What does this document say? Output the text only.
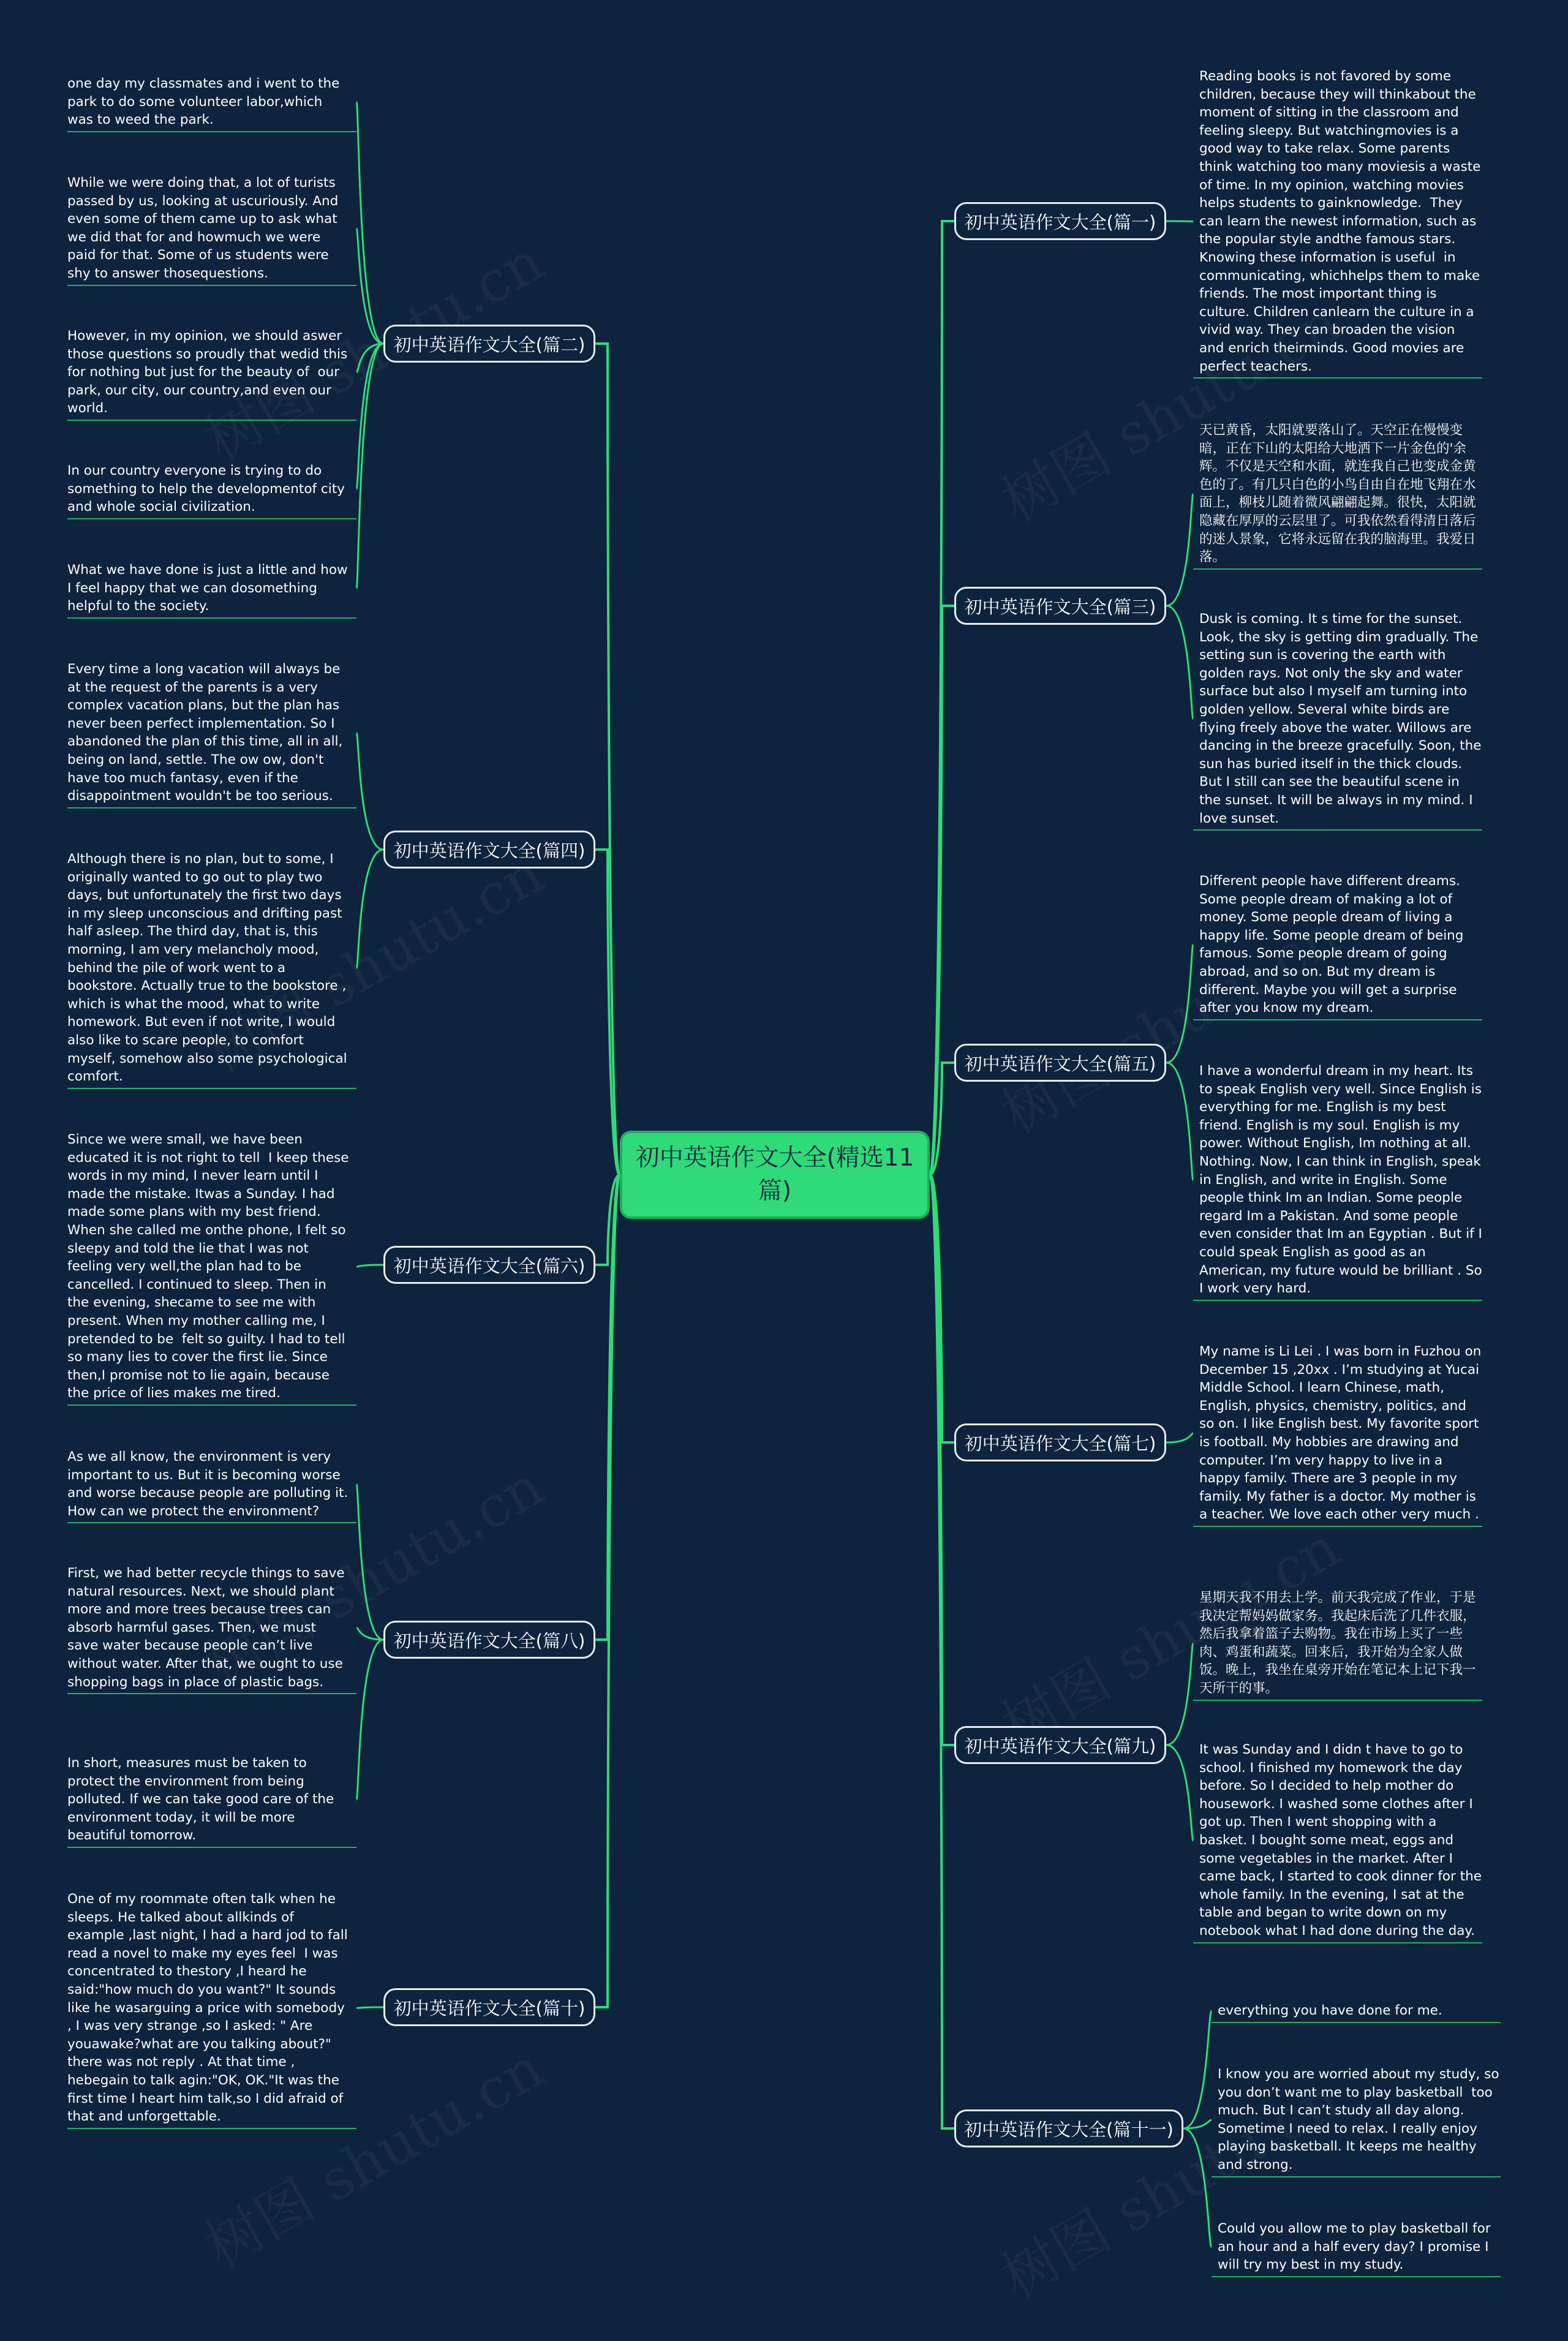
初中英语作文大全(精选11篇)
初中英语作文大全(篇二)
初中英语作文大全(篇四)
初中英语作文大全(篇六)
初中英语作文大全(篇八)
初中英语作文大全(篇十)
初中英语作文大全(篇一)
初中英语作文大全(篇三)
初中英语作文大全(篇五)
初中英语作文大全(篇七)
初中英语作文大全(篇九)
初中英语作文大全(篇十一)
one day my classmates and i went to the park to do some volunteer labor,which was to weed the park.
While we were doing that, a lot of turists passed by us, looking at uscuriously. And even some of them came up to ask what we did that for and howmuch we were paid for that. Some of us students were shy to answer thosequestions.
However, in my opinion, we should aswer  those questions so proudly that wedid this for nothing but just for the beauty of  our park, our city, our country,and even our world.
In our country everyone is trying to do something to help the developmentof city and whole social civilization.
What we have done is just a little and how I feel happy that we can dosomething helpful to the society.
Every time a long vacation will always be at the request of the parents is a very complex vacation plans, but the plan has never been perfect implementation. So I abandoned the plan of this time, all in all,  being on land, settle. The ow ow, don't have too much fantasy, even if the disappointment wouldn't be too serious.
Although there is no plan, but to some, I originally wanted to go out to play two days, but unfortunately the first two days in my sleep unconscious and drifting past  half asleep. The third day, that is, this morning, I am very melancholy mood, behind the pile of work went to a bookstore. Actually true to the bookstore , which is what the mood, what to write homework. But even if not write, I would also like to scare people, to comfort myself, somehow also some psychological comfort.
Since we were small, we have been educated it is not right to tell  I keep these words in my mind, I never learn until I made the mistake. Itwas a Sunday. I had made some plans with my best friend. When she called me onthe phone, I felt so sleepy and told the lie that I was not feeling very well,the plan had to be cancelled. I continued to sleep. Then in the evening, shecame to see me with present. When my mother calling me, I pretended to be  felt so guilty. I had to tell so many lies to cover the first lie. Since then,I promise not to lie again, because the price of lies makes me tired.
As we all know, the environment is very important to us. But it is becoming worse and worse because people are polluting it. How can we protect the environment?
First, we had better recycle things to save  natural resources. Next, we should plant more and more trees because trees can absorb harmful gases. Then, we must save water because people can’t live without water. After that, we ought to use shopping bags in place of plastic bags.
In short, measures must be taken to protect the environment from being polluted. If we can take good care of the environment today, it will be more beautiful tomorrow.
One of my roommate often talk when he sleeps. He talked about allkinds of example ,last night, I had a hard jod to fall  read a novel to make my eyes feel  I was concentrated to thestory ,I heard he said:"how much do you want?" It sounds like he wasarguing a price with somebody , I was very strange ,so I asked: " Are youawake?what are you talking about?" there was not reply . At that time , hebegain to talk agin:"OK, OK."It was the first time I heart him talk,so I did afraid of that and unforgettable.
Reading books is not favored by some children, because they will thinkabout the  moment of sitting in the classroom and feeling sleepy. But watchingmovies is a good way to take relax. Some parents think watching too many moviesis a waste of time. In my opinion, watching movies helps students to gainknowledge.  They can learn the newest information, such as the popular style andthe famous stars. Knowing these information is useful  in communicating, whichhelps them to make friends. The most important thing is culture. Children canlearn the culture in a vivid way. They can broaden the vision and enrich theirminds. Good movies are perfect teachers.
天已黄昏，太阳就要落山了。天空正在慢慢变暗，正在下山的太阳给大地洒下一片金色的'余辉。不仅是天空和水面，就连我自己也变成金黄色的了。有几只白色的小鸟自由自在地飞翔在水面上，柳枝儿随着微风翩翩起舞。很快，太阳就隐藏在厚厚的云层里了。可我依然看得清日落后的迷人景象，它将永远留在我的脑海里。我爱日落。
Dusk is coming. It s time for the sunset. Look, the sky is getting dim gradually. The setting sun is covering the earth with  golden rays. Not only the sky and water surface but also I myself am turning into golden yellow. Several white birds are flying freely above the water. Willows are dancing in the breeze gracefully. Soon, the sun has buried itself in the thick clouds. But I still can see the beautiful scene in the sunset. It will be always in my mind. I love sunset.
Different people have different dreams. Some people dream of making a lot of money. Some people dream of living a happy life. Some people dream of being famous. Some people dream of going abroad, and so on. But my dream is different. Maybe you will get a surprise after you know my dream.
I have a wonderful dream in my heart. Its to speak English very well. Since English is everything for me. English is my best friend. English is my soul. English is my power. Without English, Im nothing at all.  Nothing. Now, I can think in English, speak in English, and write in English. Some people think Im an Indian. Some people regard Im a Pakistan. And some people even consider that Im an Egyptian . But if I could speak English as good as an American, my future would be brilliant . So I work very hard.
My name is Li Lei . I was born in Fuzhou on December 15 ,20xx . I’m studying at Yucai Middle School. I learn Chinese, math, English, physics, chemistry, politics, and so on. I like English best. My favorite sport is football. My hobbies are drawing and computer. I’m very happy to live in a happy family. There are 3 people in my family. My father is a doctor. My mother is a teacher. We love each other very much .
星期天我不用去上学。前天我完成了作业，于是我决定帮妈妈做家务。我起床后洗了几件衣服，然后我拿着篮子去购物。我在市场上买了一些肉、鸡蛋和蔬菜。回来后，我开始为全家人做饭。晚上，我坐在桌旁开始在笔记本上记下我一天所干的事。
It was Sunday and I didn t have to go to school. I finished my homework the day before. So I decided to help mother do housework. I washed some clothes after I got up. Then I went shopping with a basket. I bought some meat, eggs and some vegetables in the market. After I came back, I started to cook dinner for the whole family. In the evening, I sat at the table and began to write down on my  notebook what I had done during the day.
everything you have done for me.
I know you are worried about my study, so you don’t want me to play basketball  too much. But I can’t study all day along. Sometime I need to relax. I really enjoy playing basketball. It keeps me healthy and strong.
Could you allow me to play basketball for an hour and a half every day? I promise I will try my best in my study.
